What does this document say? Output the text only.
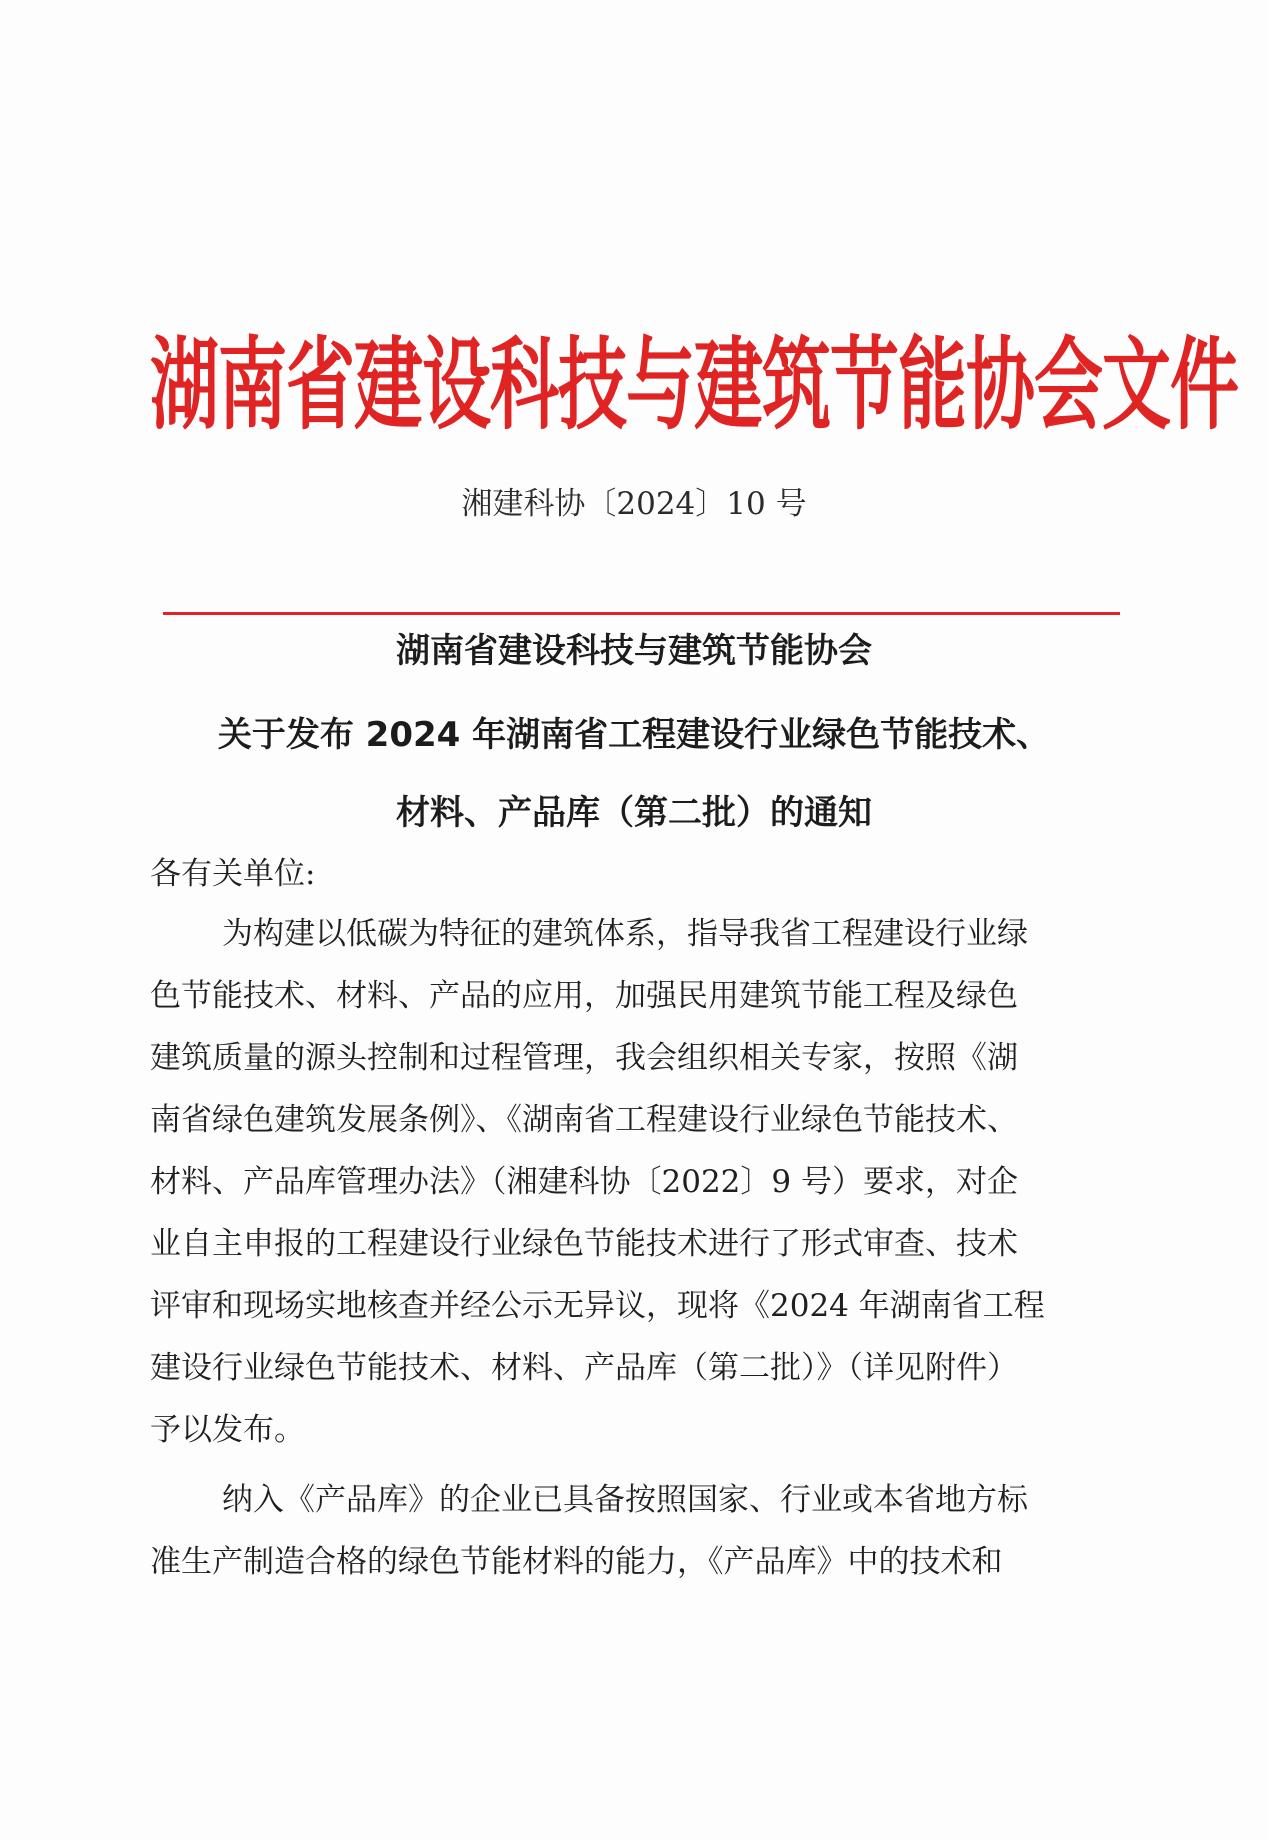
湖南省建设科技与建筑节能协会文件
湘建科协〔2024〕10 号
湖南省建设科技与建筑节能协会
关于发布 2024 年湖南省工程建设行业绿色节能技术、
材料、产品库（第二批）的通知
各有关单位:
为构建以低碳为特征的建筑体系，指导我省工程建设行业绿
色节能技术、材料、产品的应用，加强民用建筑节能工程及绿色
建筑质量的源头控制和过程管理，我会组织相关专家，按照《湖
南省绿色建筑发展条例》、《湖南省工程建设行业绿色节能技术、
材料、产品库管理办法》（湘建科协〔2022〕9 号）要求，对企
业自主申报的工程建设行业绿色节能技术进行了形式审查、技术
评审和现场实地核查并经公示无异议，现将《2024 年湖南省工程
建设行业绿色节能技术、材料、产品库（第二批）》（详见附件）
予以发布。
纳入《产品库》的企业已具备按照国家、行业或本省地方标
准生产制造合格的绿色节能材料的能力，《产品库》中的技术和
